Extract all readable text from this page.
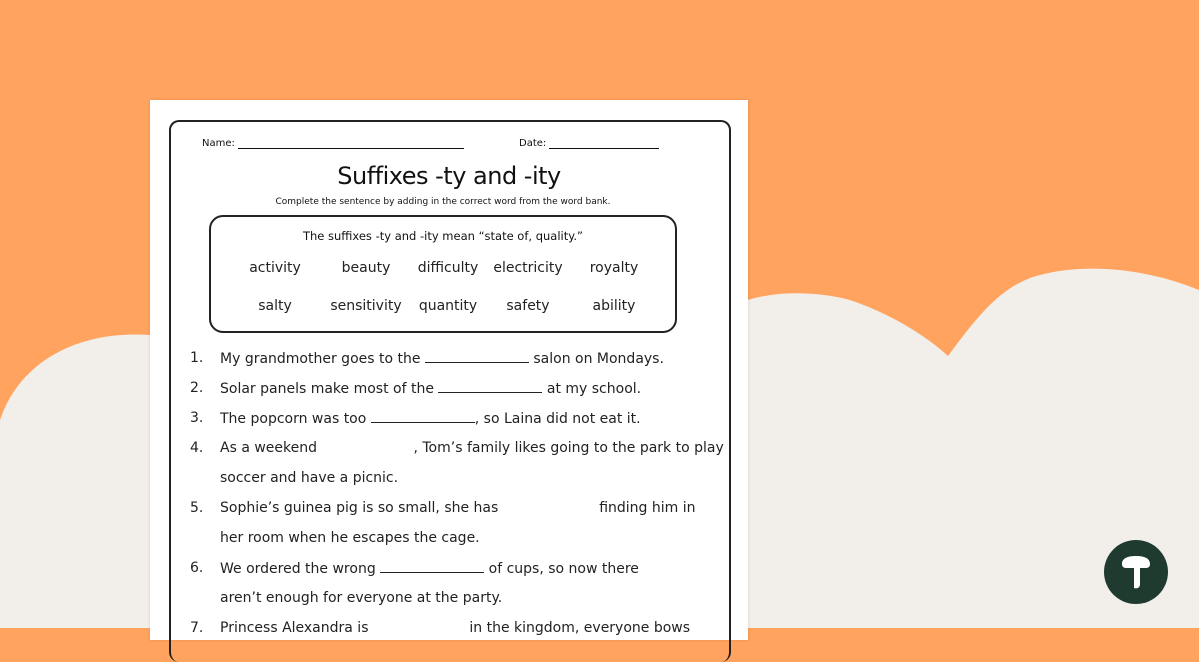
Name:	Date:
Suffixes -ty and -ity
Complete the sentence by adding in the correct word from the word bank.
The suffixes -ty and -ity mean “state of, quality.”
activity	beauty	difficulty	electricity	royalty
salty	sensitivity	quantity	safety	ability
1. My grandmother goes to the	salon on Mondays.
2. Solar panels make most of the	at my school.
3. The popcorn was too	, so Laina did not eat it.
4. As a weekend	, Tom’s family likes going to the park to play
soccer and have a picnic.
5. Sophie’s guinea pig is so small, she has	finding him in
her room when he escapes the cage.
6. We ordered the wrong	of cups, so now there
aren’t enough for everyone at the party.
7. Princess Alexandra is	in the kingdom, everyone bows
